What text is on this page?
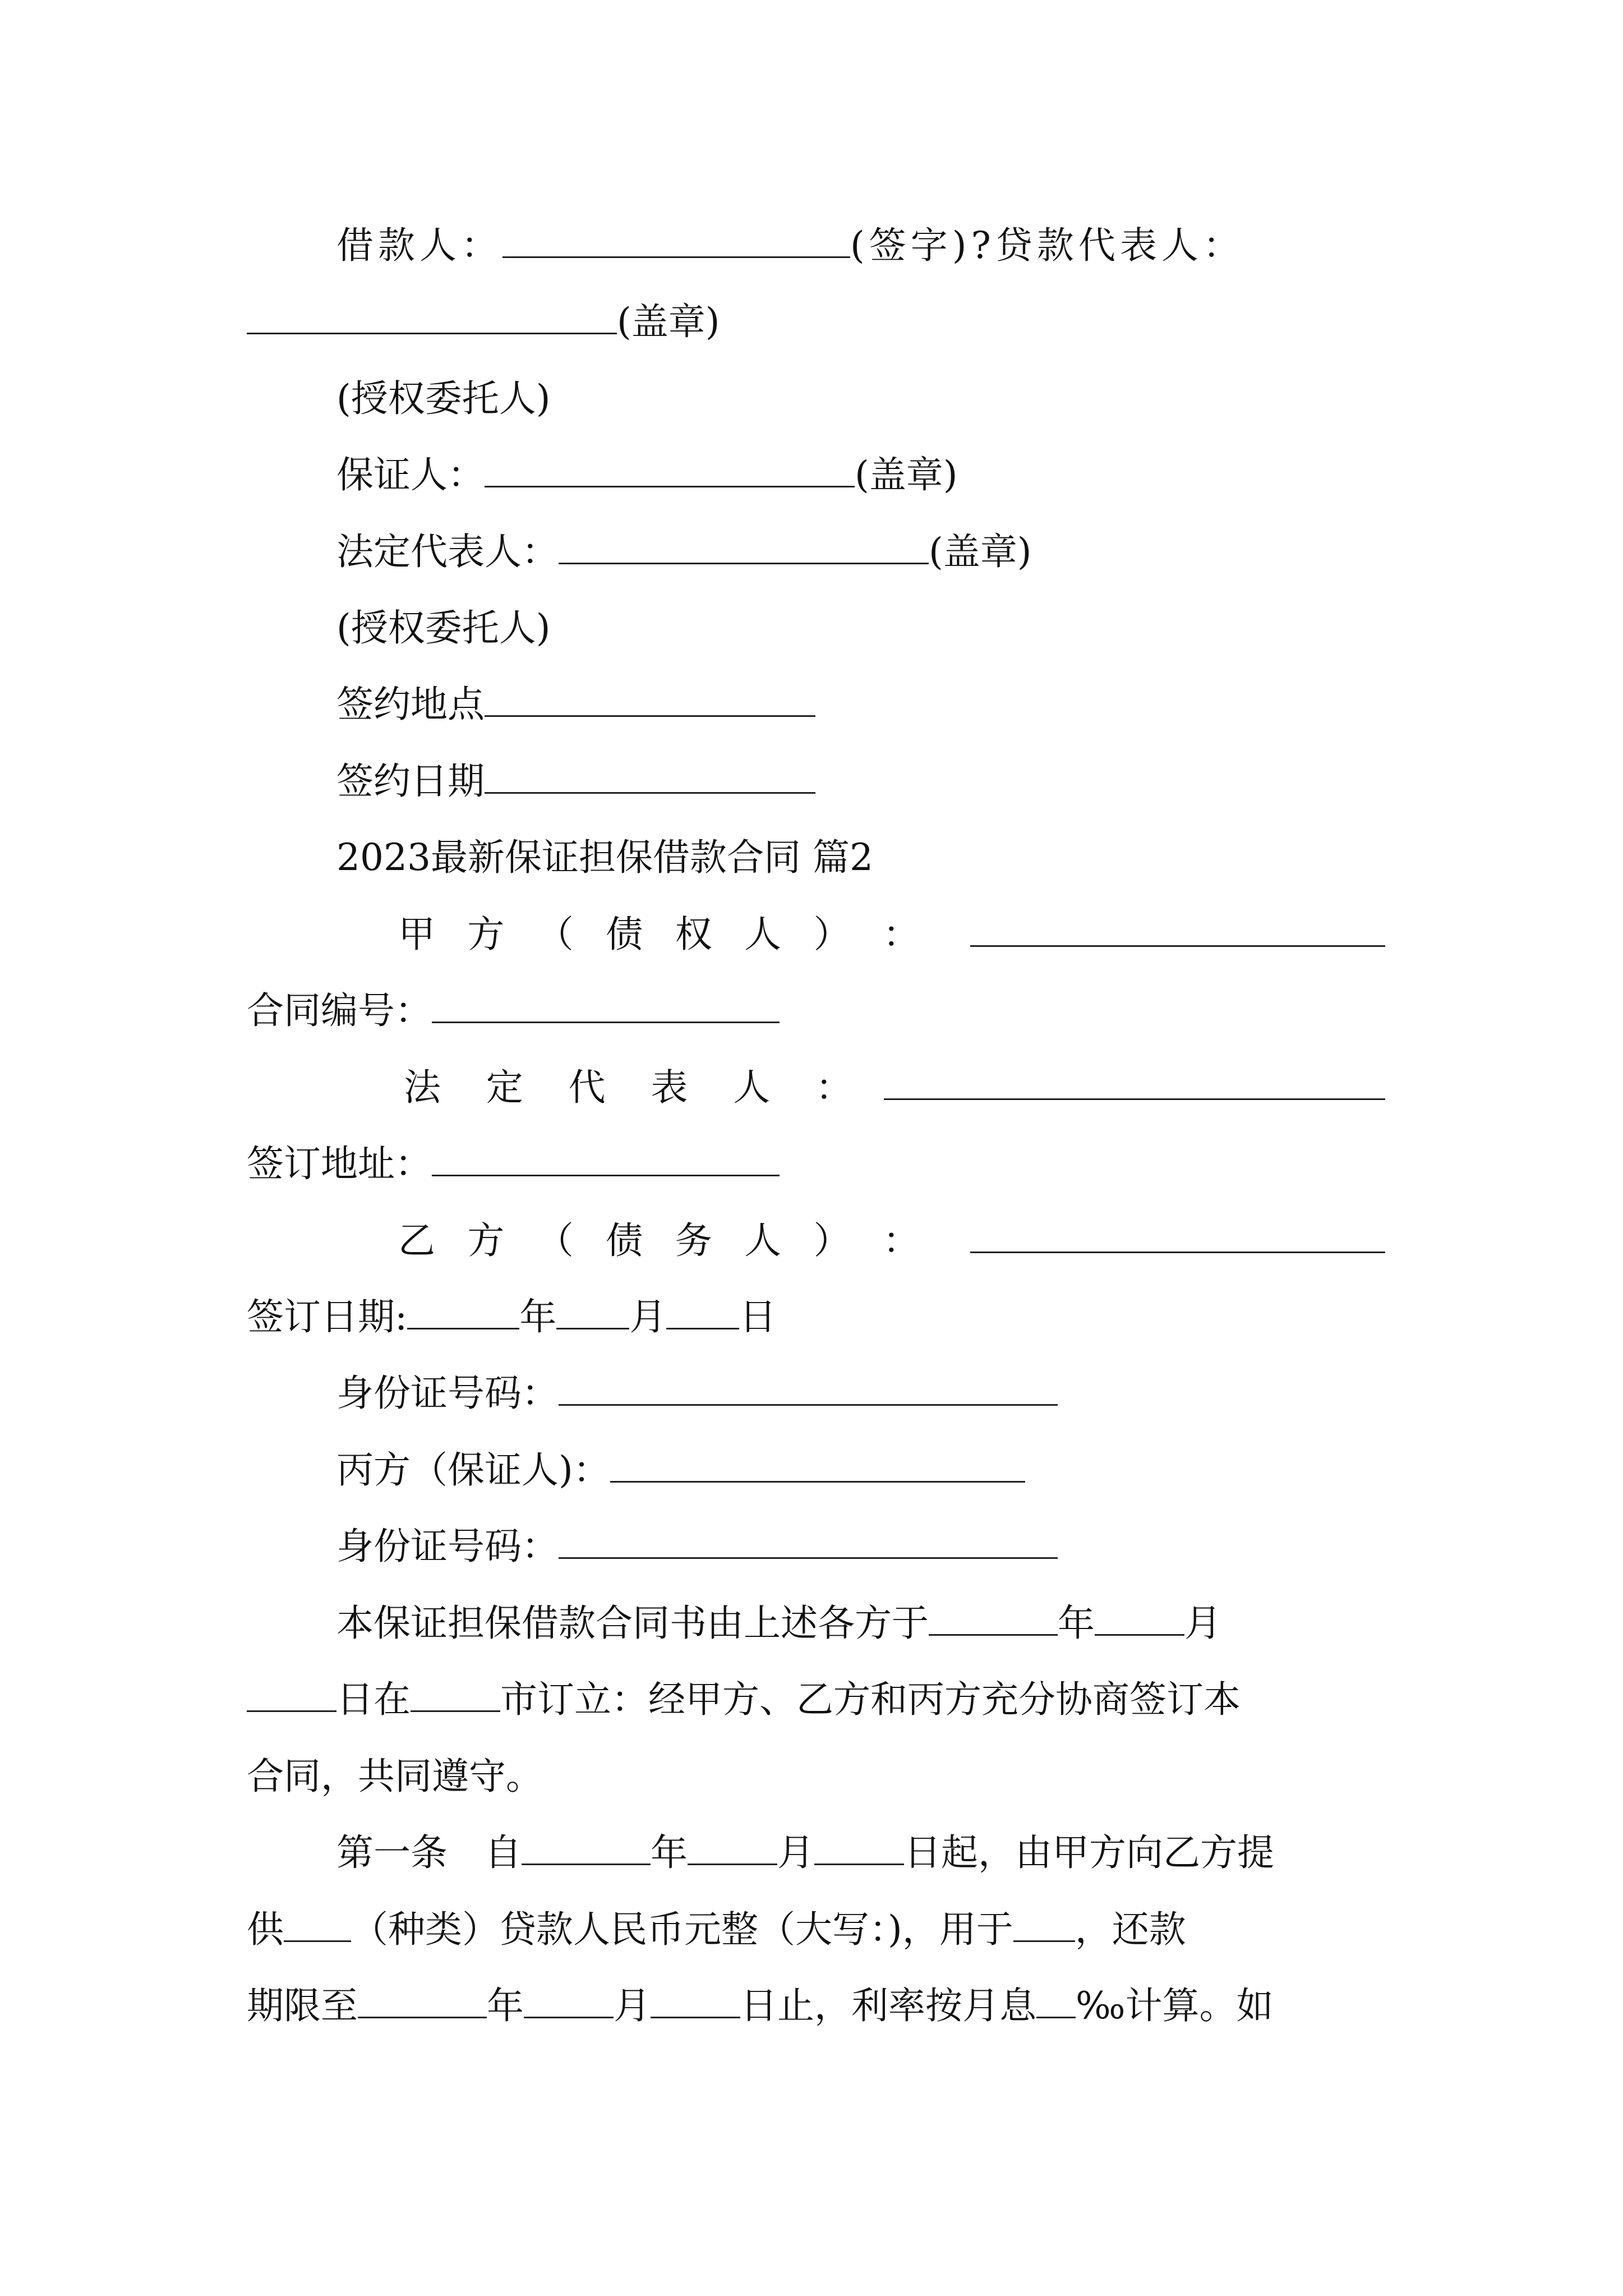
借款人：	(签字)?贷款代表人：
(盖章)
(授权委托人)
保证人：	(盖章)
法定代表人：	(盖章)
(授权委托人)
签约地点
签约日期
2023最新保证担保借款合同 篇2
甲 方 （ 债 权 人 ） ：
合同编号：
法 定 代 表 人 ：
签订地址：
乙 方 （ 债 务 人 ） ：
签订日期:	年 月 日
身份证号码：
丙方（保证人)：
身份证号码：
本保证担保借款合同书由上述各方于	年 月
日在 市订立：经甲方、乙方和丙方充分协商签订本
合同，共同遵守。
第一条　自	年 月 日起，由甲方向乙方提
供 （种类）贷款人民币元整（大写：)，用于 ，还款
期限至	年 月 日止，利率按月息 ‰计算。如
